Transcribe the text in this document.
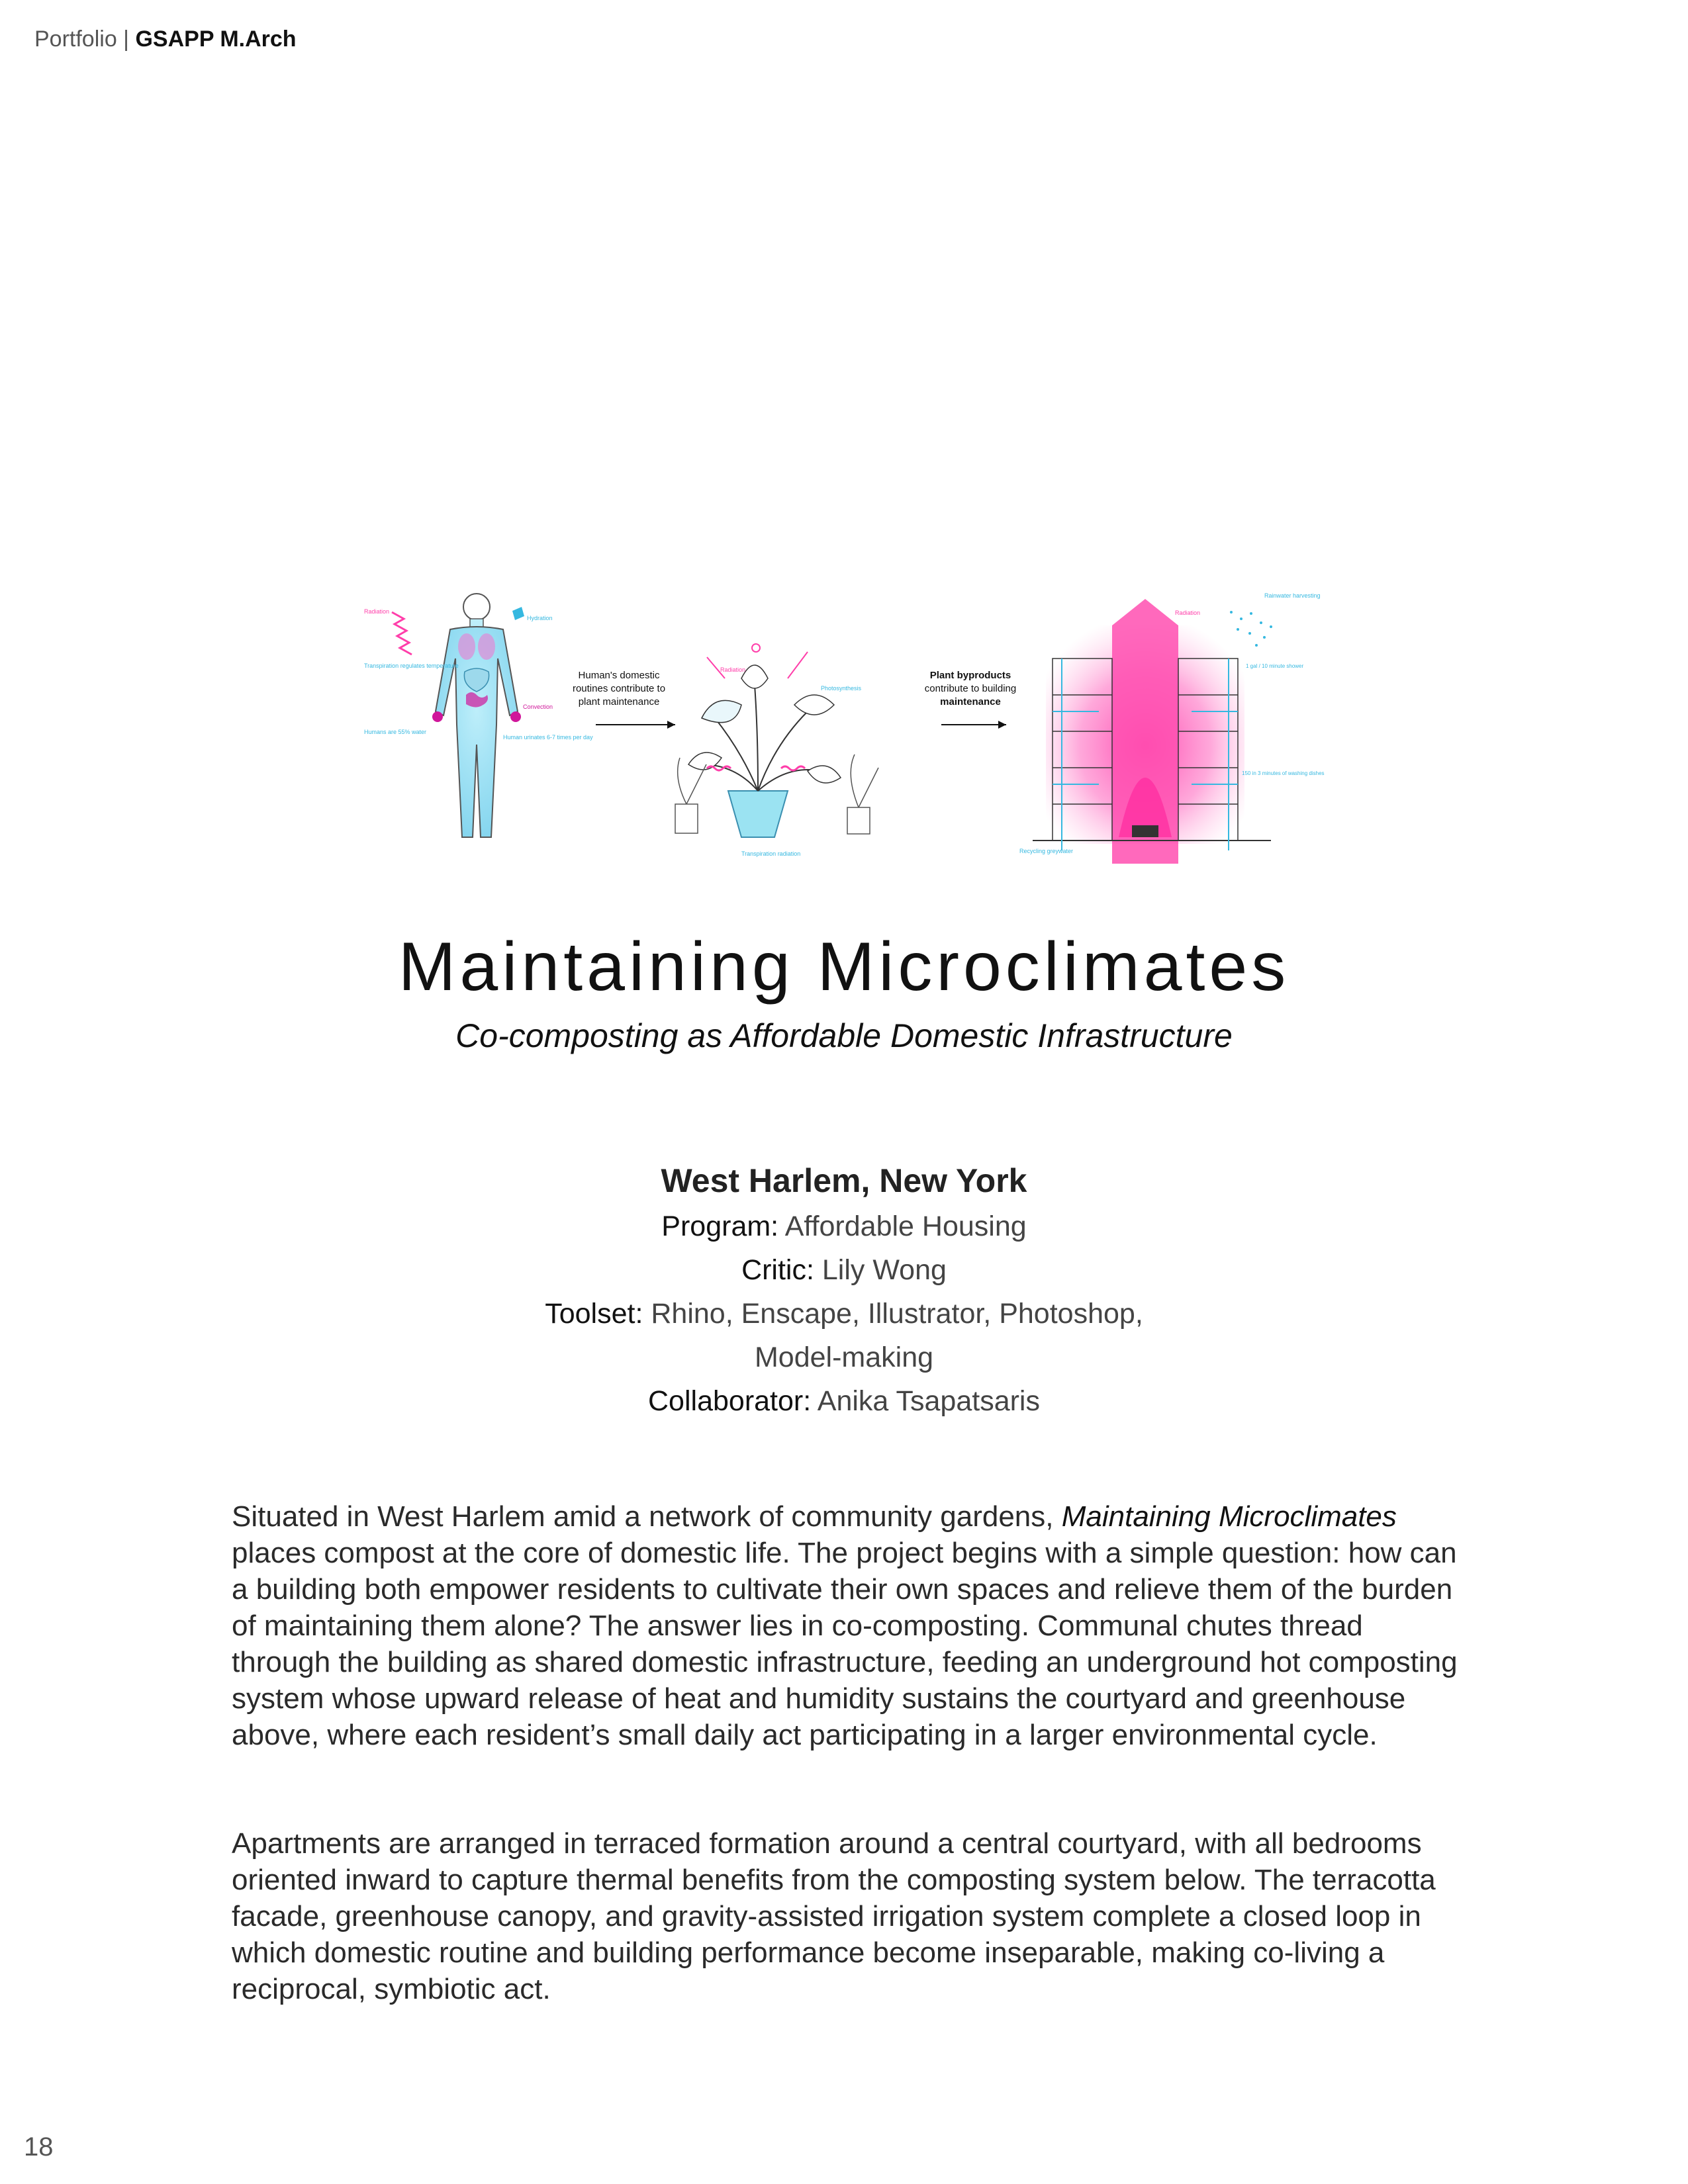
Portfolio | GSAPP M.Arch
Radiation
Hydration
Transpiration regulates temperature
Convection
Humans are 55% water
Human urinates 6-7 times per day
Human's domestic
routines contribute to
plant maintenance
Radiation
Photosynthesis
Transpiration radiation
Plant byproducts
contribute to building
maintenance
Rainwater harvesting
Radiation
1 gal / 10 minute shower
150 in 3 minutes of washing dishes
Recycling greywater
Maintaining Microclimates
Co-composting as Affordable Domestic Infrastructure
West Harlem, New York
Program: Affordable Housing
Critic: Lily Wong
Toolset: Rhino, Enscape, Illustrator, Photoshop, Model-making
Collaborator: Anika Tsapatsaris

Situated in West Harlem amid a network of community gardens, Maintaining Microclimates places compost at the core of domestic life. The project begins with a simple question: how can a building both empower residents to cultivate their own spaces and relieve them of the burden of maintaining them alone? The answer lies in co-composting. Communal chutes thread through the building as shared domestic infrastructure, feeding an underground hot composting system whose upward release of heat and humidity sustains the courtyard and greenhouse above, where each resident’s small daily act participating in a larger environmental cycle.

Apartments are arranged in terraced formation around a central courtyard, with all bedrooms oriented inward to capture thermal benefits from the composting system below. The terracotta facade, greenhouse canopy, and gravity-assisted irrigation system complete a closed loop in which domestic routine and building performance become inseparable, making co-living a reciprocal, symbiotic act.

18
